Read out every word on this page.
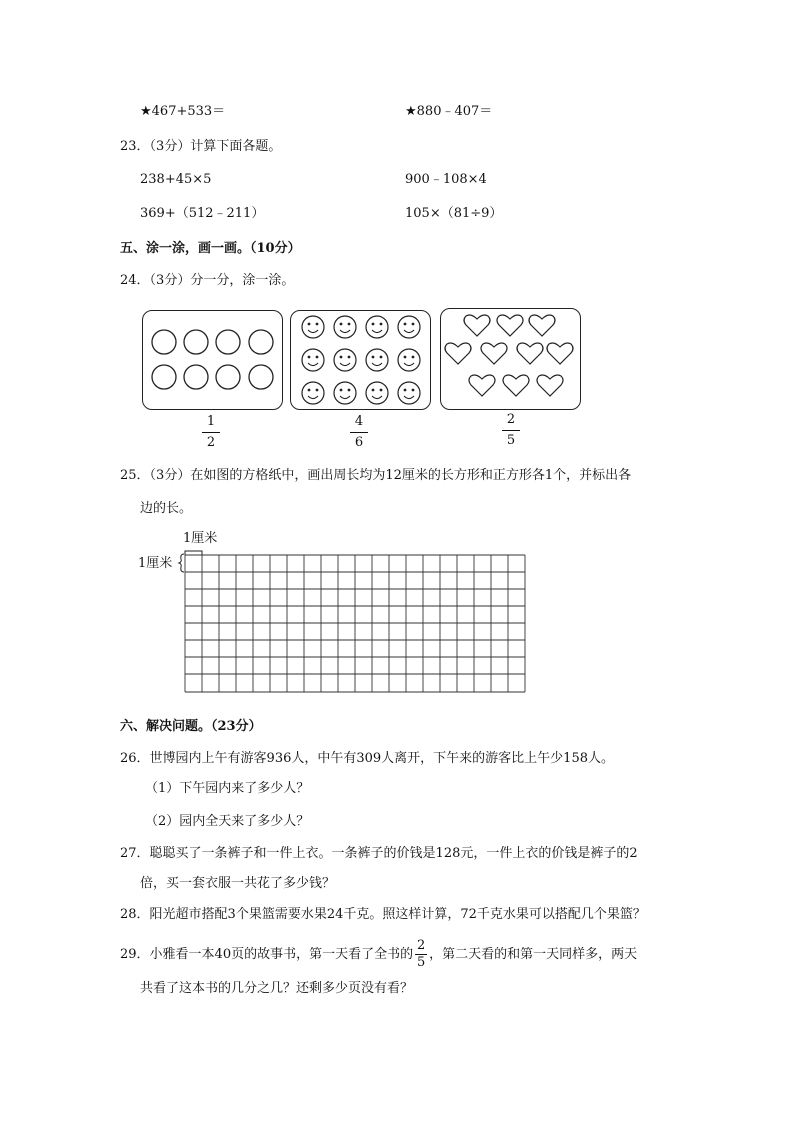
★467+533＝	★880﹣407＝
23．（3分）计算下面各题。
238+45×5	900﹣108×4
369+（512﹣211）	105×（81÷9）
五、涂一涂，画一画。（10分）
24．（3分）分一分，涂一涂。
1
2
4
6
2
5
25．（3分）在如图的方格纸中，画出周长均为12厘米的长方形和正方形各1个，并标出各
边的长。
1厘米
1厘米
六、解决问题。（23分）
26．世博园内上午有游客936人，中午有309人离开，下午来的游客比上午少158人。
（1）下午园内来了多少人？
（2）园内全天来了多少人？
27．聪聪买了一条裤子和一件上衣。一条裤子的价钱是128元，一件上衣的价钱是裤子的2
倍，买一套衣服一共花了多少钱？
28．阳光超市搭配3个果篮需要水果24千克。照这样计算，72千克水果可以搭配几个果篮？
29．小雅看一本40页的故事书，第一天看了全书的 $\frac{2}{5}$ ，第二天看的和第一天同样多，两天
共看了这本书的几分之几？还剩多少页没有看？
